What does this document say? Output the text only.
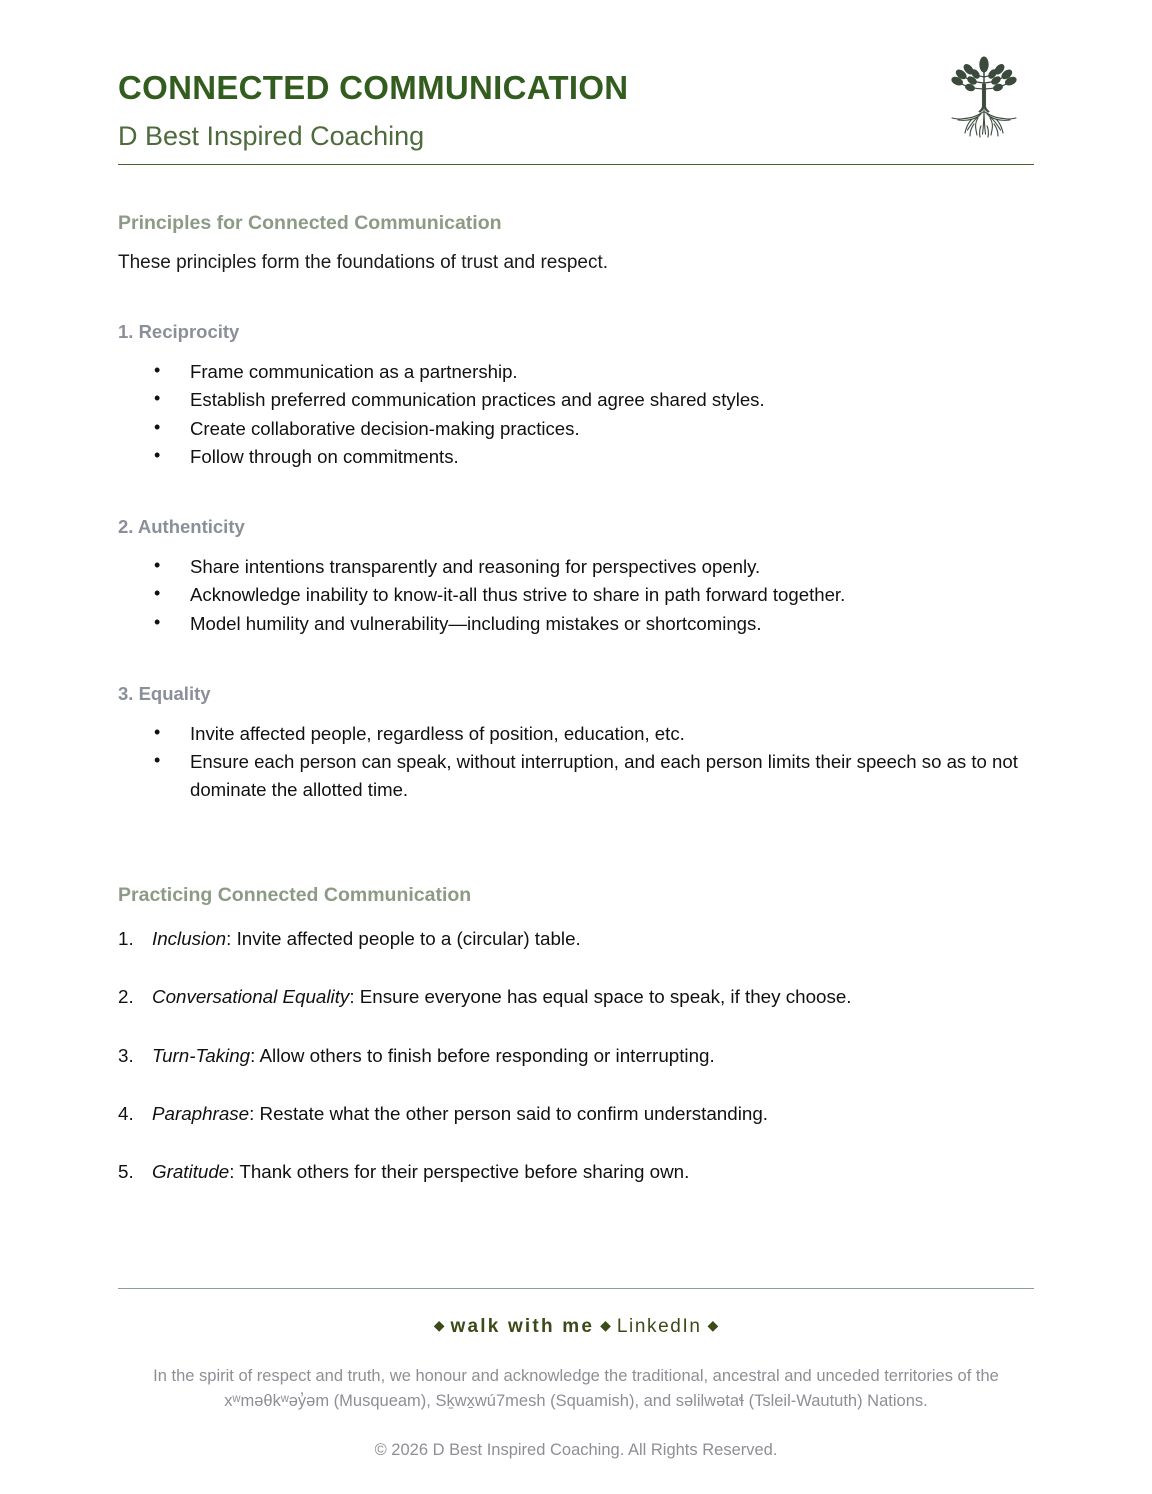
CONNECTED COMMUNICATION
D Best Inspired Coaching
Principles for Connected Communication

These principles form the foundations of trust and respect.

1. Reciprocity
• Frame communication as a partnership.
• Establish preferred communication practices and agree shared styles.
• Create collaborative decision-making practices.
• Follow through on commitments.
2. Authenticity
• Share intentions transparently and reasoning for perspectives openly.
• Acknowledge inability to know-it-all thus strive to share in path forward together.
• Model humility and vulnerability—including mistakes or shortcomings.
3. Equality
• Invite affected people, regardless of position, education, etc.
• Ensure each person can speak, without interruption, and each person limits their speech so as to not dominate the allotted time.
Practicing Connected Communication
Inclusion: Invite affected people to a (circular) table.
Conversational Equality: Ensure everyone has equal space to speak, if they choose.
Turn-Taking: Allow others to finish before responding or interrupting.
Paraphrase: Restate what the other person said to confirm understanding.
Gratitude: Thank others for their perspective before sharing own.
◆ walk with me ◆ LinkedIn ◆
In the spirit of respect and truth, we honour and acknowledge the traditional, ancestral and unceded territories of the
xʷməθkʷəy̓əm (Musqueam), Sḵwx̱wú7mesh (Squamish), and səlilwətaɬ (Tsleil-Waututh) Nations.
© 2026 D Best Inspired Coaching. All Rights Reserved.
